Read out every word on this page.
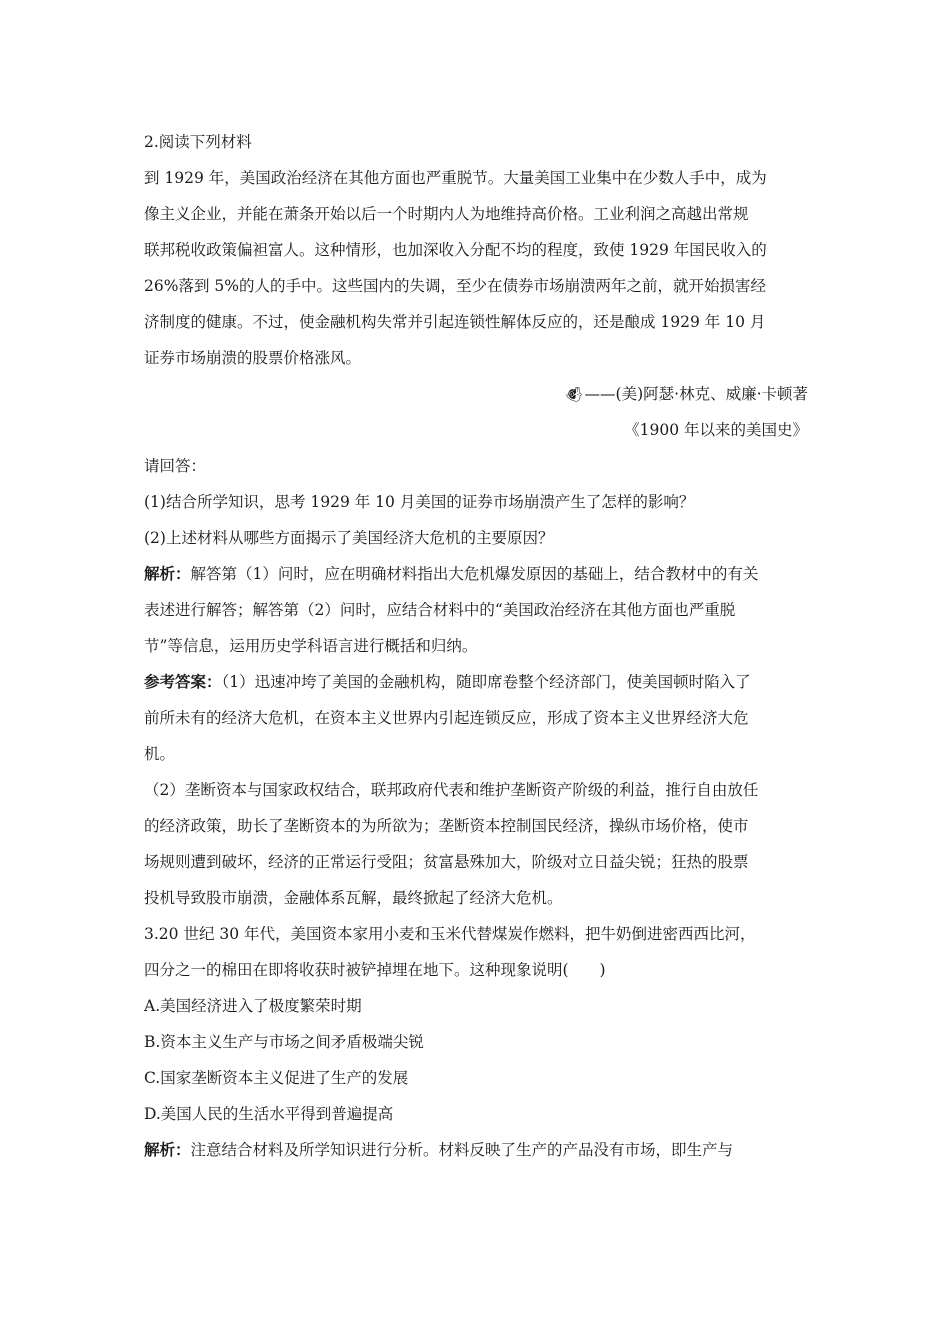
2.阅读下列材料

到 1929 年，美国政治经济在其他方面也严重脱节。大量美国工业集中在少数人手中，成为

像主义企业，并能在萧条开始以后一个时期内人为地维持高价格。工业利润之高越出常规

联邦税收政策偏袒富人。这种情形，也加深收入分配不均的程度，致使 1929 年国民收入的

26%落到 5%的人的手中。这些国内的失调，至少在债券市场崩溃两年之前，就开始损害经

济制度的健康。不过，使金融机构失常并引起连锁性解体反应的，还是酿成 1929 年 10 月

证券市场崩溃的股票价格涨风。

🐌︎ ——(美)阿瑟·林克、威廉·卡顿著

《1900 年以来的美国史》

请回答：

(1)结合所学知识，思考 1929 年 10 月美国的证券市场崩溃产生了怎样的影响？

(2)上述材料从哪些方面揭示了美国经济大危机的主要原因？

解析：解答第（1）问时，应在明确材料指出大危机爆发原因的基础上，结合教材中的有关

表述进行解答；解答第（2）问时，应结合材料中的“美国政治经济在其他方面也严重脱

节”等信息，运用历史学科语言进行概括和归纳。

参考答案：（1）迅速冲垮了美国的金融机构，随即席卷整个经济部门，使美国顿时陷入了

前所未有的经济大危机，在资本主义世界内引起连锁反应，形成了资本主义世界经济大危

机。

（2）垄断资本与国家政权结合，联邦政府代表和维护垄断资产阶级的利益，推行自由放任

的经济政策，助长了垄断资本的为所欲为；垄断资本控制国民经济，操纵市场价格，使市

场规则遭到破坏，经济的正常运行受阻；贫富悬殊加大，阶级对立日益尖锐；狂热的股票

投机导致股市崩溃，金融体系瓦解，最终掀起了经济大危机。

3.20 世纪 30 年代，美国资本家用小麦和玉米代替煤炭作燃料，把牛奶倒进密西西比河，

四分之一的棉田在即将收获时被铲掉埋在地下。这种现象说明(　　)

A.美国经济进入了极度繁荣时期

B.资本主义生产与市场之间矛盾极端尖锐

C.国家垄断资本主义促进了生产的发展

D.美国人民的生活水平得到普遍提高

解析：注意结合材料及所学知识进行分析。材料反映了生产的产品没有市场，即生产与
